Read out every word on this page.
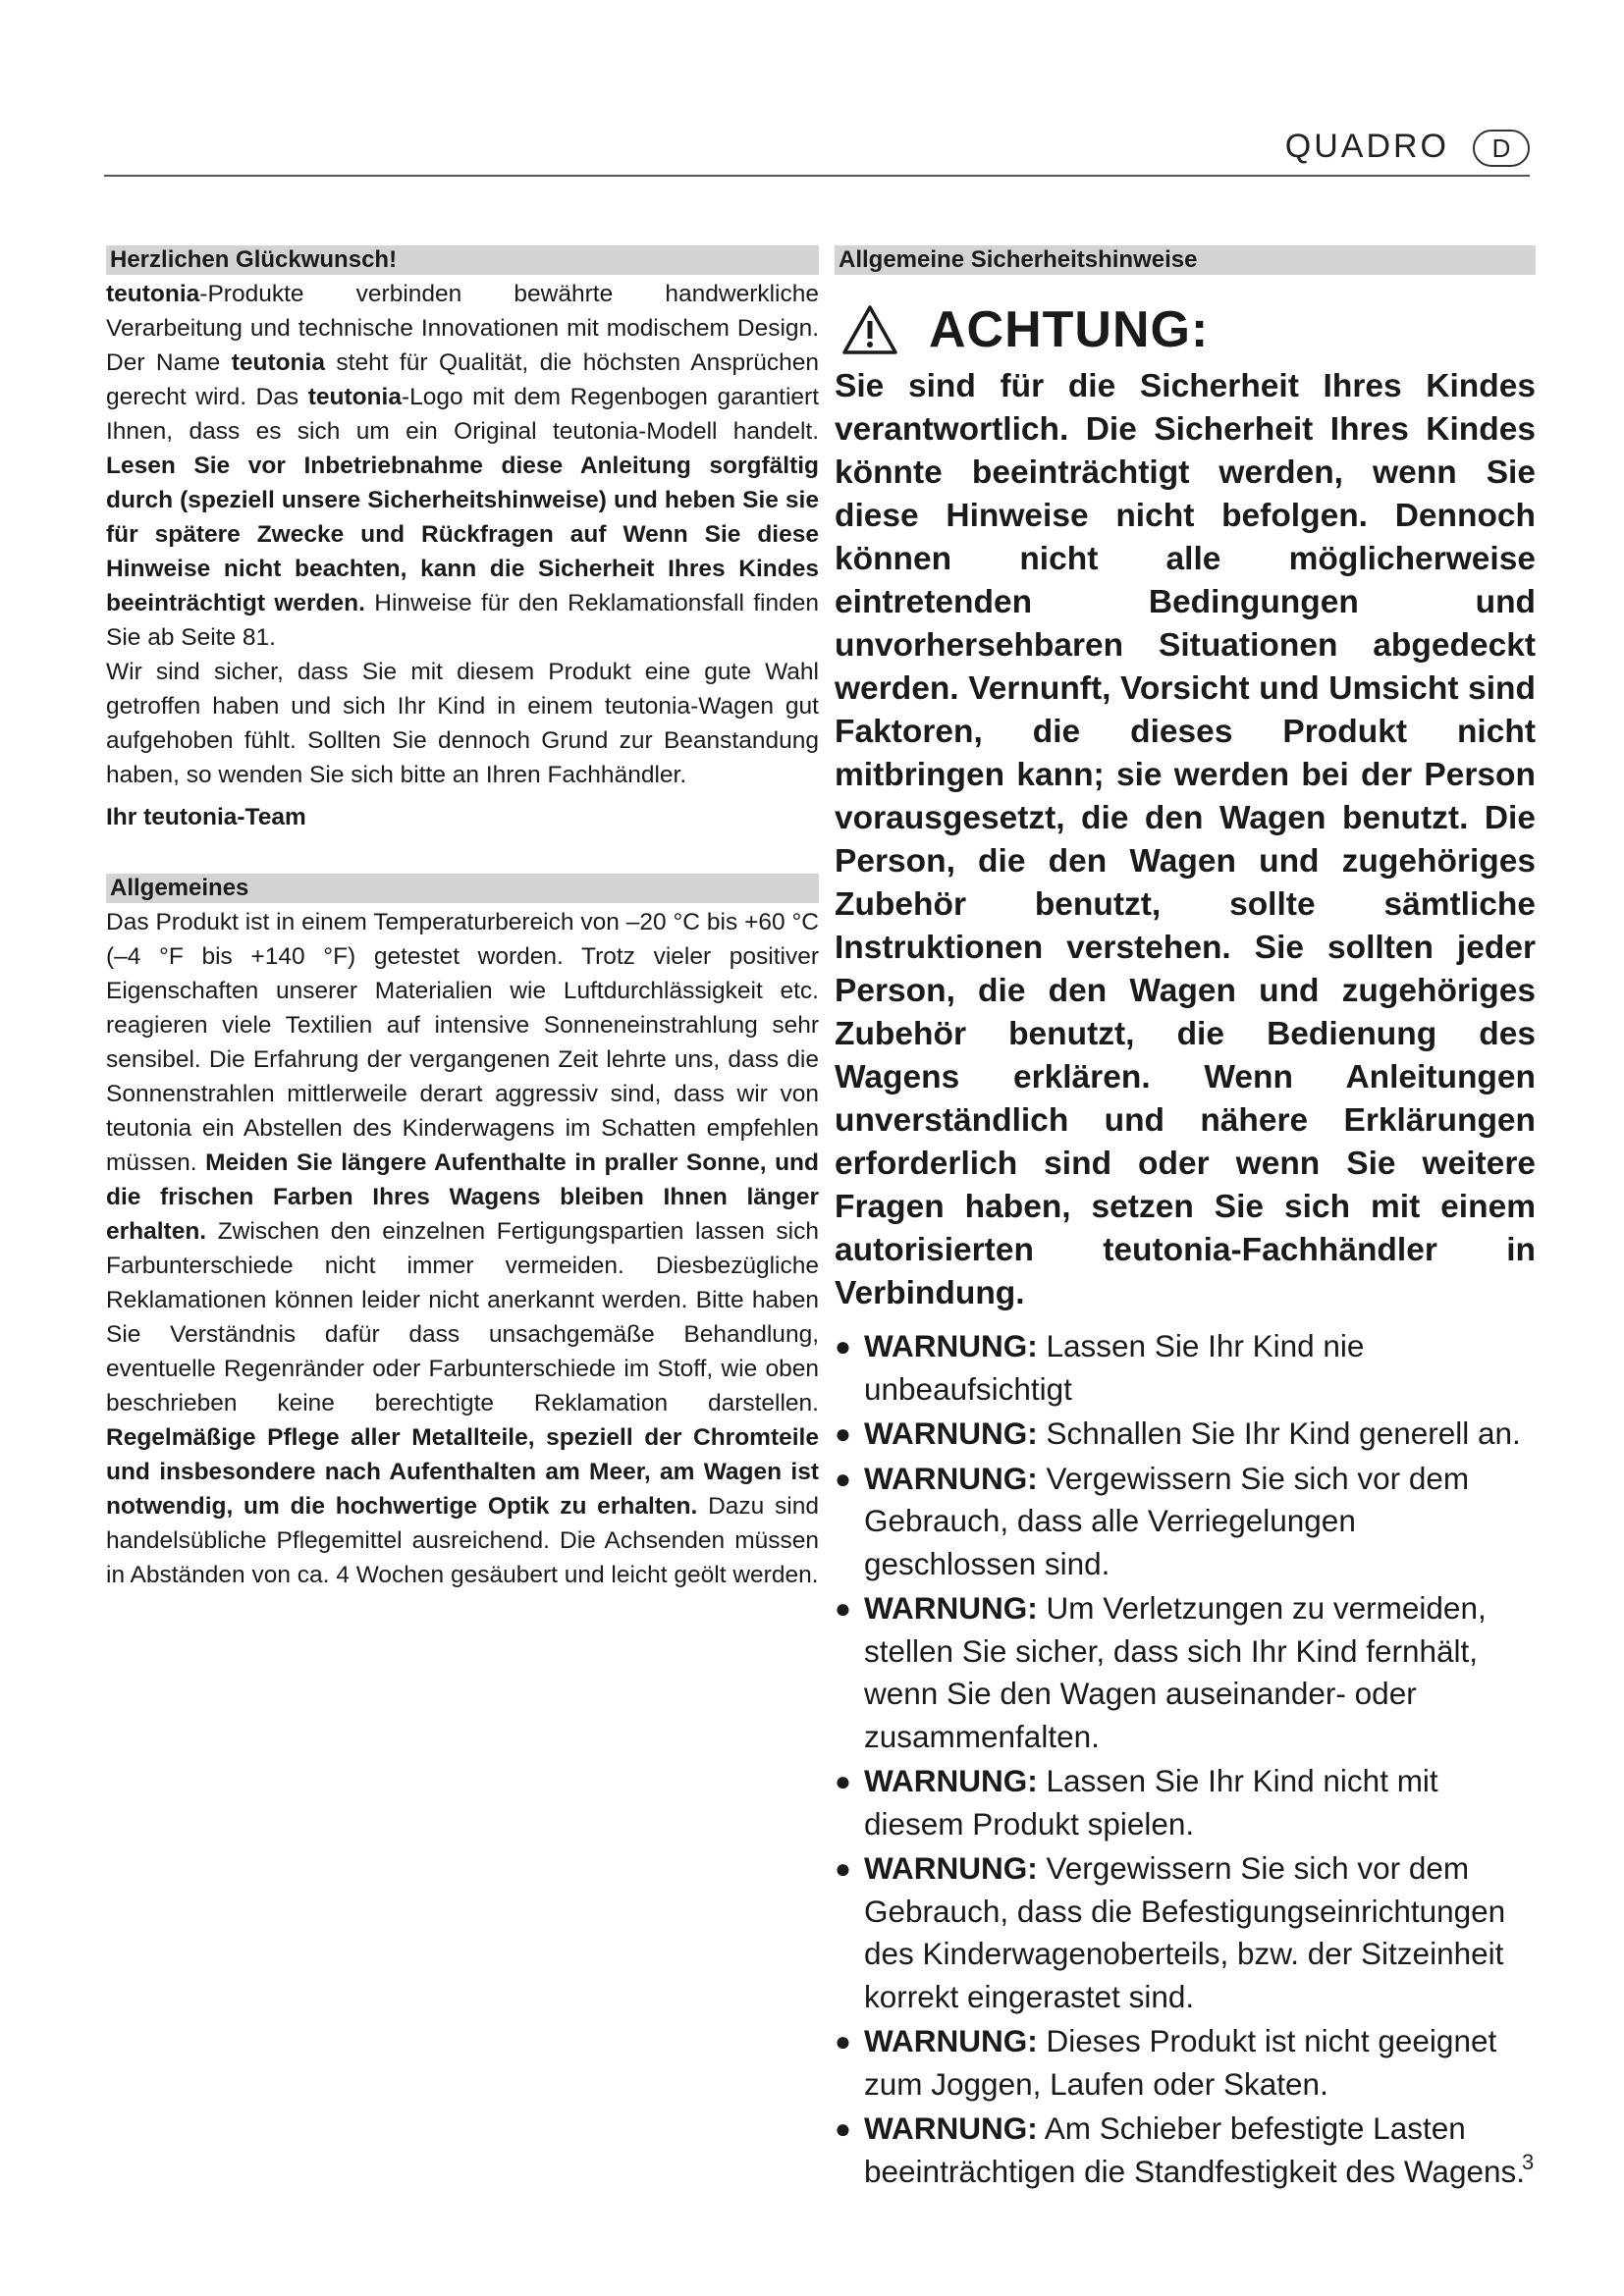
QUADRO	D
Herzlichen Glückwunsch!

teutonia-Produkte verbinden bewährte handwerkliche Verarbeitung und technische Innovationen mit modischem Design. Der Name teutonia steht für Qualität, die höchsten Ansprüchen gerecht wird. Das teutonia-Logo mit dem Regenbogen garantiert Ihnen, dass es sich um ein Original teutonia-Modell handelt. Lesen Sie vor Inbetriebnahme diese Anleitung sorgfältig durch (speziell unsere Sicherheitshinweise) und heben Sie sie für spätere Zwecke und Rückfragen auf Wenn Sie diese Hinweise nicht beachten, kann die Sicherheit Ihres Kindes beeinträchtigt werden. Hinweise für den Reklamationsfall finden Sie ab Seite 81.

Wir sind sicher, dass Sie mit diesem Produkt eine gute Wahl getroffen haben und sich Ihr Kind in einem teutonia-Wagen gut aufgehoben fühlt. Sollten Sie dennoch Grund zur Beanstandung haben, so wenden Sie sich bitte an Ihren Fachhändler.

Ihr teutonia-Team

Allgemeines

Das Produkt ist in einem Temperaturbereich von –20 °C bis +60 °C (–4 °F bis +140 °F) getestet worden. Trotz vieler positiver Eigenschaften unserer Materialien wie Luftdurchlässigkeit etc. reagieren viele Textilien auf intensive Sonneneinstrahlung sehr sensibel. Die Erfahrung der vergangenen Zeit lehrte uns, dass die Sonnenstrahlen mittlerweile derart aggressiv sind, dass wir von teutonia ein Abstellen des Kinderwagens im Schatten empfehlen müssen. Meiden Sie längere Aufenthalte in praller Sonne, und die frischen Farben Ihres Wagens bleiben Ihnen länger erhalten. Zwischen den einzelnen Fertigungspartien lassen sich Farbunterschiede nicht immer vermeiden. Diesbezügliche Reklamationen können leider nicht anerkannt werden. Bitte haben Sie Verständnis dafür dass unsachgemäße Behandlung, eventuelle Regenränder oder Farbunterschiede im Stoff, wie oben beschrieben keine berechtigte Reklamation darstellen. Regelmäßige Pflege aller Metallteile, speziell der Chromteile und insbesondere nach Aufenthalten am Meer, am Wagen ist notwendig, um die hochwertige Optik zu erhalten. Dazu sind handelsübliche Pflegemittel ausreichend. Die Achsenden müssen in Abständen von ca. 4 Wochen gesäubert und leicht geölt werden.

Allgemeine Sicherheitshinweise
ACHTUNG:

Sie sind für die Sicherheit Ihres Kindes verantwortlich. Die Sicherheit Ihres Kindes könnte beeinträchtigt werden, wenn Sie diese Hinweise nicht befolgen. Dennoch können nicht alle möglicherweise eintretenden Bedingungen und unvorhersehbaren Situationen abgedeckt werden. Vernunft, Vorsicht und Umsicht sind Faktoren, die dieses Produkt nicht mitbringen kann; sie werden bei der Person vorausgesetzt, die den Wagen benutzt. Die Person, die den Wagen und zugehöriges Zubehör benutzt, sollte sämtliche Instruktionen verstehen. Sie sollten jeder Person, die den Wagen und zugehöriges Zubehör benutzt, die Bedienung des Wagens erklären. Wenn Anleitungen unverständlich und nähere Erklärungen erforderlich sind oder wenn Sie weitere Fragen haben, setzen Sie sich mit einem autorisierten teutonia-Fachhändler in Verbindung.

● WARNUNG: Lassen Sie Ihr Kind nie unbeaufsichtigt
● WARNUNG: Schnallen Sie Ihr Kind generell an.
● WARNUNG: Vergewissern Sie sich vor dem Gebrauch, dass alle Verriegelungen geschlossen sind.
● WARNUNG: Um Verletzungen zu vermeiden, stellen Sie sicher, dass sich Ihr Kind fernhält, wenn Sie den Wagen auseinander- oder zusammenfalten.
● WARNUNG: Lassen Sie Ihr Kind nicht mit diesem Produkt spielen.
● WARNUNG: Vergewissern Sie sich vor dem Gebrauch, dass die Befestigungseinrichtungen des Kinderwagenoberteils, bzw. der Sitzeinheit korrekt eingerastet sind.
● WARNUNG: Dieses Produkt ist nicht geeignet zum Joggen, Laufen oder Skaten.
● WARNUNG: Am Schieber befestigte Lasten beeinträchtigen die Standfestigkeit des Wagens.
3
